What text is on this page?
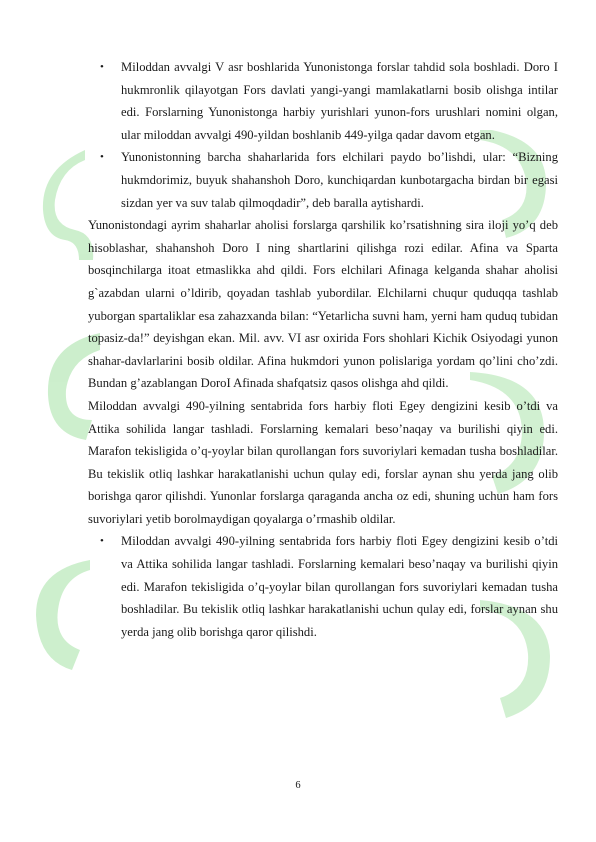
• Miloddan avvalgi V asr boshlarida Yunonistonga forslar tahdid sola boshladi. Doro I hukmronlik qilayotgan Fors davlati yangi-yangi mamlakatlarni bosib olishga intilar edi. Forslarning Yunonistonga harbiy yurishlari yunon-fors urushlari nomini olgan, ular miloddan avvalgi 490-yildan boshlanib 449-yilga qadar davom etgan.

• Yunonistonning barcha shaharlarida fors elchilari paydo bo’lishdi, ular: “Bizning hukmdorimiz, buyuk shahanshoh Doro, kunchiqardan kunbotargacha birdan bir egasi sizdan yer va suv talab qilmoqdadir”, deb baralla aytishardi.

Yunonistondagi ayrim shaharlar aholisi forslarga qarshilik ko’rsatishning sira iloji yo’q deb hisoblashar, shahanshoh Doro I ning shartlarini qilishga rozi edilar. Afina va Sparta bosqinchilarga itoat etmaslikka ahd qildi. Fors elchilari Afinaga kelganda shahar aholisi g`azabdan ularni o’ldirib, qoyadan tashlab yubordilar. Elchilarni chuqur quduqqa tashlab yuborgan spartaliklar esa zahazxanda bilan: “Yetarlicha suvni ham, yerni ham quduq tubidan topasiz-da!” deyishgan ekan. Mil. avv. VI asr oxirida Fors shohlari Kichik Osiyodagi yunon shahar-davlarlarini bosib oldilar. Afina hukmdori yunon polislariga yordam qo’lini cho’zdi. Bundan g’azablangan DoroI Afinada shafqatsiz qasos olishga ahd qildi.

Miloddan avvalgi 490-yilning sentabrida fors harbiy floti Egey dengizini kesib o’tdi va Attika sohilida langar tashladi. Forslarning kemalari beso’naqay va burilishi qiyin edi. Marafon tekisligida o’q-yoylar bilan qurollangan fors suvoriylari kemadan tusha boshladilar. Bu tekislik otliq lashkar harakatlanishi uchun qulay edi, forslar aynan shu yerda jang olib borishga qaror qilishdi. Yunonlar forslarga qaraganda ancha oz edi, shuning uchun ham fors suvoriylari yetib borolmaydigan qoyalarga o’rmashib oldilar.

• Miloddan avvalgi 490-yilning sentabrida fors harbiy floti Egey dengizini kesib o’tdi va Attika sohilida langar tashladi. Forslarning kemalari beso’naqay va burilishi qiyin edi. Marafon tekisligida o’q-yoylar bilan qurollangan fors suvoriylari kemadan tusha boshladilar. Bu tekislik otliq lashkar harakatlanishi uchun qulay edi, forslar aynan shu yerda jang olib borishga qaror qilishdi.

6
